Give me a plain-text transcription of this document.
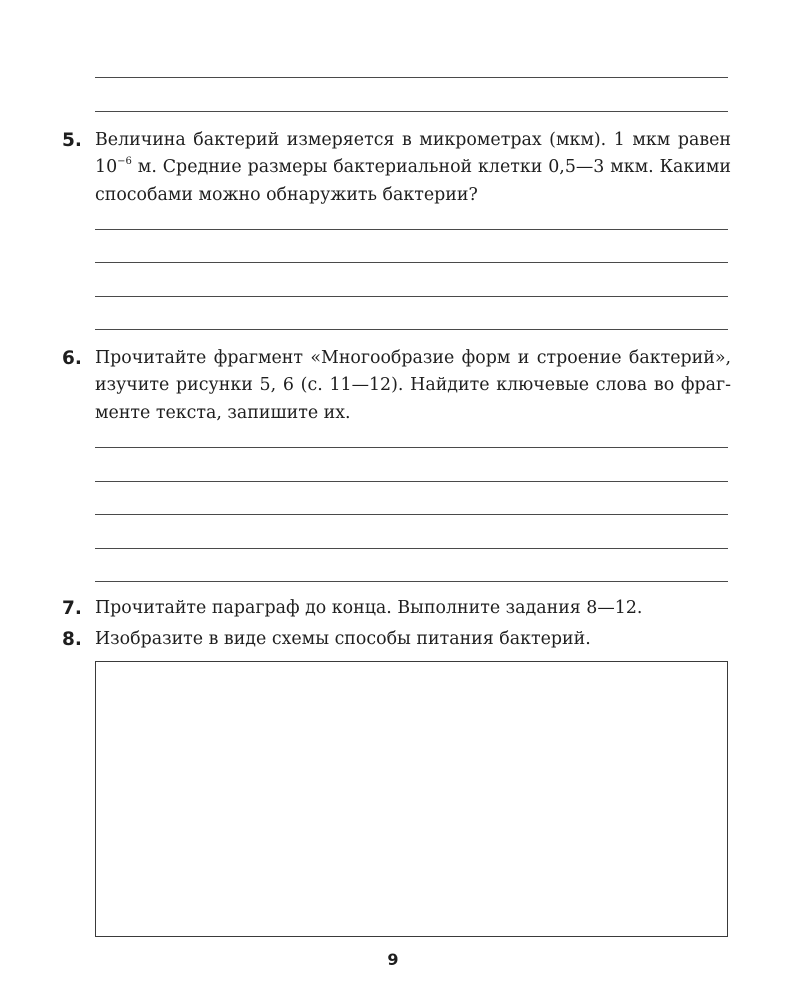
5. Величина бактерий измеряется в микрометрах (мкм). 1 мкм равен
$10^{-6}$ м. Средние размеры бактериальной клетки 0,5—3 мкм. Какими
способами можно обнаружить бактерии?
6. Прочитайте фрагмент «Многообразие форм и строение бактерий»,
изучите рисунки 5, 6 (с. 11—12). Найдите ключевые слова во фраг-
менте текста, запишите их.
7. Прочитайте параграф до конца. Выполните задания 8—12.
8. Изобразите в виде схемы способы питания бактерий.
9
